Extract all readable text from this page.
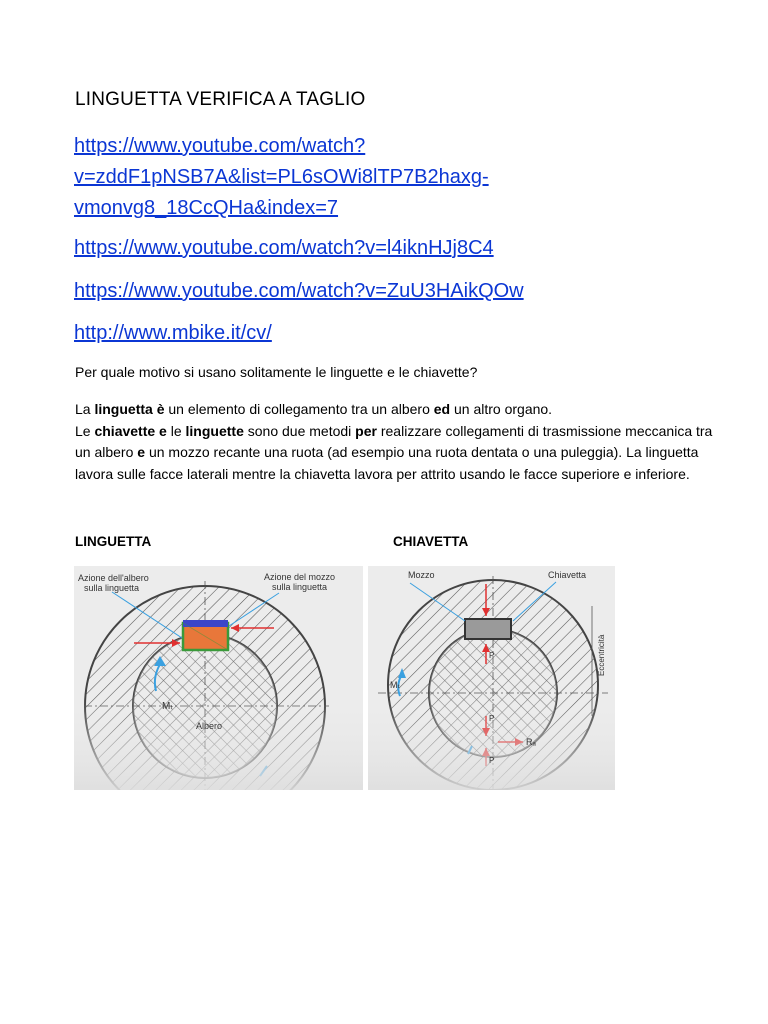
LINGUETTA VERIFICA A TAGLIO
https://www.youtube.com/watch?
v=zddF1pNSB7A&list=PL6sOWi8lTP7B2haxg-
vmonvg8_18CcQHa&index=7
https://www.youtube.com/watch?v=l4iknHJj8C4
https://www.youtube.com/watch?v=ZuU3HAikQOw
http://www.mbike.it/cv/
Per quale motivo si usano solitamente le linguette e le chiavette?
La linguetta è un elemento di collegamento tra un albero ed un altro organo.
Le chiavette e le linguette sono due metodi per realizzare collegamenti di trasmissione meccanica tra un albero e un mozzo recante una ruota (ad esempio una ruota dentata o una puleggia). La linguetta lavora sulle facce laterali mentre la chiavetta lavora per attrito usando le facce superiore e inferiore.
LINGUETTA	CHIAVETTA
Azione dell'albero
sulla linguetta
Azione del mozzo
sulla linguetta
Mₜ
Albero
Mozzo	Chiavetta
Eccentricità
Mₜ
P
P
P
Rₐ
